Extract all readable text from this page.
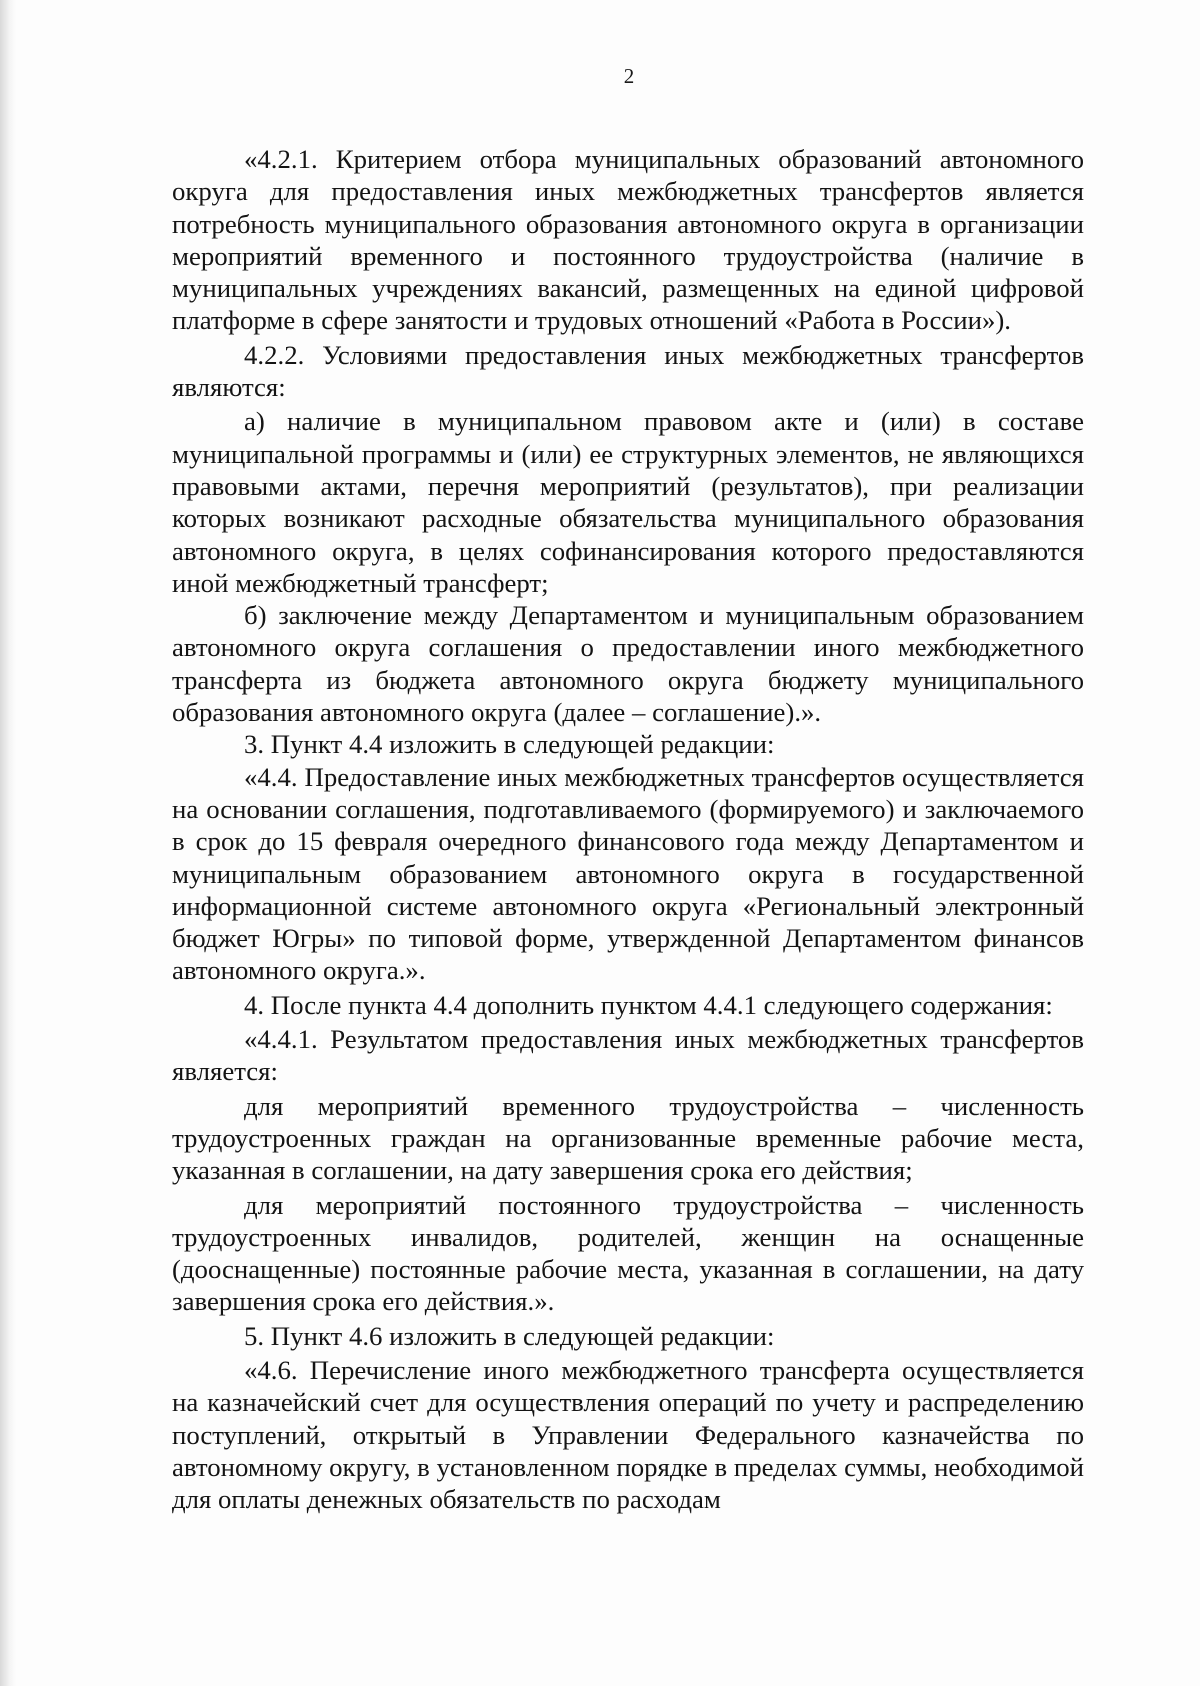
2

«4.2.1. Критерием отбора муниципальных образований автономного округа для предоставления иных межбюджетных трансфертов является потребность муниципального образования автономного округа в организации мероприятий временного и постоянного трудоустройства (наличие в муниципальных учреждениях вакансий, размещенных на единой цифровой платформе в сфере занятости и трудовых отношений «Работа в России»).

4.2.2. Условиями предоставления иных межбюджетных трансфертов являются:

а) наличие в муниципальном правовом акте и (или) в составе муниципальной программы и (или) ее структурных элементов, не являющихся правовыми актами, перечня мероприятий (результатов), при реализации которых возникают расходные обязательства муниципального образования автономного округа, в целях софинансирования которого предоставляются иной межбюджетный трансферт;

б) заключение между Департаментом и муниципальным образованием автономного округа соглашения о предоставлении иного межбюджетного трансферта из бюджета автономного округа бюджету муниципального образования автономного округа (далее – соглашение).».

3. Пункт 4.4 изложить в следующей редакции:

«4.4. Предоставление иных межбюджетных трансфертов осуществляется на основании соглашения, подготавливаемого (формируемого) и заключаемого в срок до 15 февраля очередного финансового года между Департаментом и муниципальным образованием автономного округа в государственной информационной системе автономного округа «Региональный электронный бюджет Югры» по типовой форме, утвержденной Департаментом финансов автономного округа.».

4. После пункта 4.4 дополнить пунктом 4.4.1 следующего содержания:

«4.4.1. Результатом предоставления иных межбюджетных трансфертов является:

для мероприятий временного трудоустройства – численность трудоустроенных граждан на организованные временные рабочие места, указанная в соглашении, на дату завершения срока его действия;

для мероприятий постоянного трудоустройства – численность трудоустроенных инвалидов, родителей, женщин на оснащенные (дооснащенные) постоянные рабочие места, указанная в соглашении, на дату завершения срока его действия.».

5. Пункт 4.6 изложить в следующей редакции:

«4.6. Перечисление иного межбюджетного трансферта осуществляется на казначейский счет для осуществления операций по учету и распределению поступлений, открытый в Управлении Федерального казначейства по автономному округу, в установленном порядке в пределах суммы, необходимой для оплаты денежных обязательств по расходам
